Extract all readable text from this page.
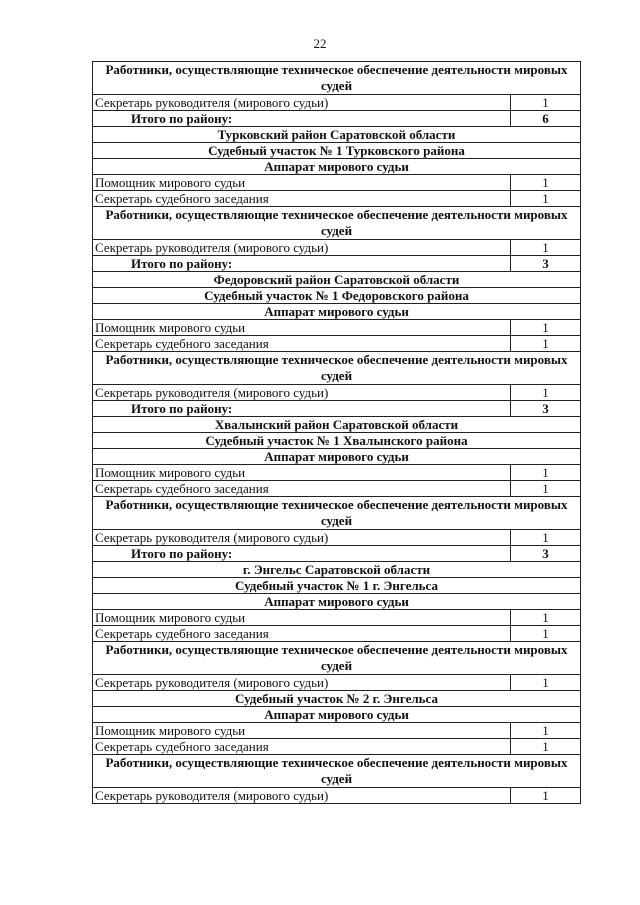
22
Работники, осуществляющие техническое обеспечение деятельности мировых судей	
Секретарь руководителя (мирового судьи)	1
Итого по району:	6
Турковский район Саратовской области	
Судебный участок № 1 Турковского района	
Аппарат мирового судьи	
Помощник мирового судьи	1
Секретарь судебного заседания	1
Работники, осуществляющие техническое обеспечение деятельности мировых судей	
Секретарь руководителя (мирового судьи)	1
Итого по району:	3
Федоровский район Саратовской области	
Судебный участок № 1 Федоровского района	
Аппарат мирового судьи	
Помощник мирового судьи	1
Секретарь судебного заседания	1
Работники, осуществляющие техническое обеспечение деятельности мировых судей	
Секретарь руководителя (мирового судьи)	1
Итого по району:	3
Хвалынский район Саратовской области	
Судебный участок № 1 Хвалынского района	
Аппарат мирового судьи	
Помощник мирового судьи	1
Секретарь судебного заседания	1
Работники, осуществляющие техническое обеспечение деятельности мировых судей	
Секретарь руководителя (мирового судьи)	1
Итого по району:	3
г. Энгельс Саратовской области	
Судебный участок № 1 г. Энгельса	
Аппарат мирового судьи	
Помощник мирового судьи	1
Секретарь судебного заседания	1
Работники, осуществляющие техническое обеспечение деятельности мировых судей	
Секретарь руководителя (мирового судьи)	1
Судебный участок № 2 г. Энгельса	
Аппарат мирового судьи	
Помощник мирового судьи	1
Секретарь судебного заседания	1
Работники, осуществляющие техническое обеспечение деятельности мировых судей	
Секретарь руководителя (мирового судьи)	1
